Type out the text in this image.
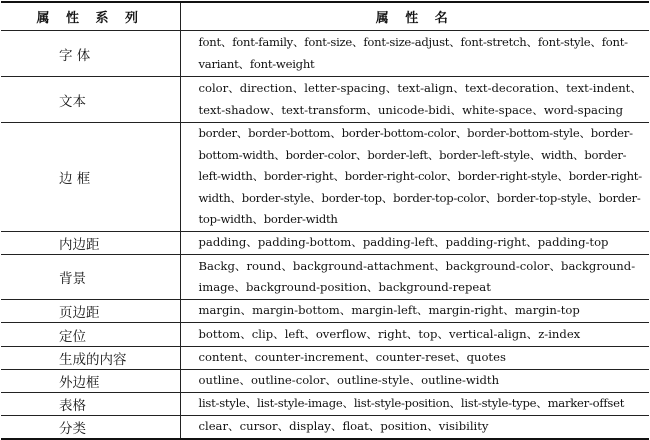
属 性 系 列	属 性 名
字 体	font、font-family、font-size、font-size-adjust、font-stretch、font-style、font-variant、font-weight
文本	color、direction、letter-spacing、text-align、text-decoration、text-indent、text-shadow、text-transform、unicode-bidi、white-space、word-spacing
边 框	border、border-bottom、border-bottom-color、border-bottom-style、border-bottom-width、border-color、border-left、border-left-style、width、border-left-width、border-right、border-right-color、border-right-style、border-right-width、border-style、border-top、border-top-color、border-top-style、border-top-width、border-width
内边距	padding、padding-bottom、padding-left、padding-right、padding-top
背景	Backg、round、background-attachment、background-color、background-image、background-position、background-repeat
页边距	margin、margin-bottom、margin-left、margin-right、margin-top
定位	bottom、clip、left、overflow、right、top、vertical-align、z-index
生成的内容	content、counter-increment、counter-reset、quotes
外边框	outline、outline-color、outline-style、outline-width
表格	list-style、list-style-image、list-style-position、list-style-type、marker-offset
分类	clear、cursor、display、float、position、visibility
